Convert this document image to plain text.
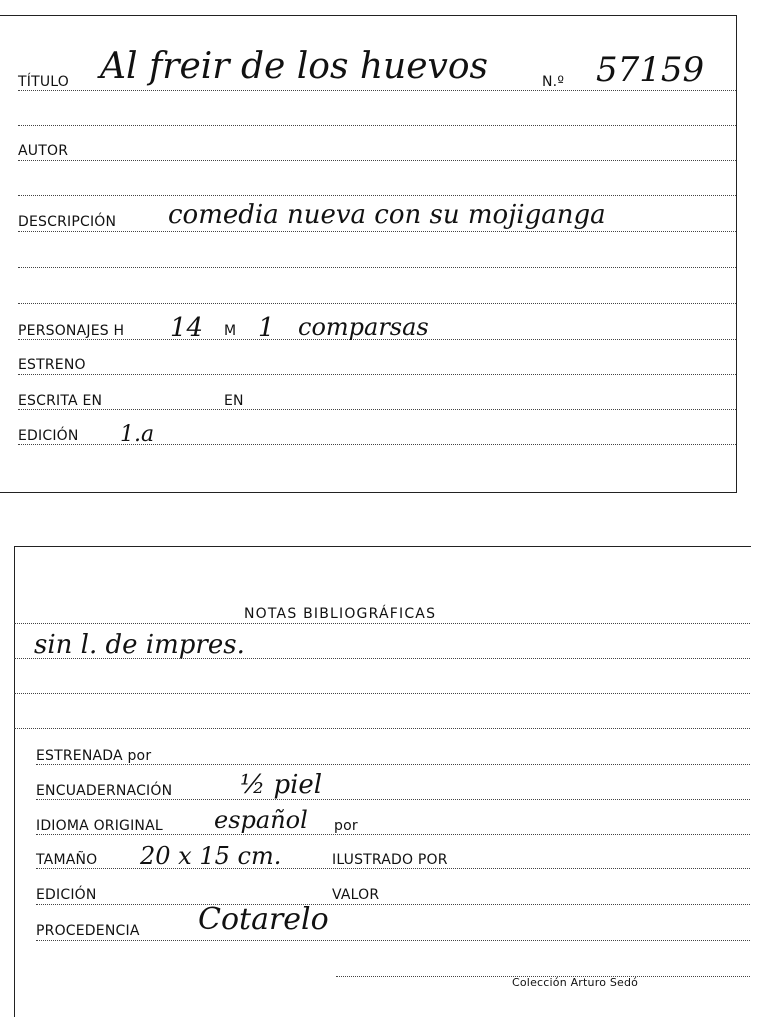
TÍTULO Al freir de los huevos	N.º 57159
AUTOR
DESCRIPCIÓN comedia nueva con su mojiganga
PERSONAJES H 14 M 1 comparsas
ESTRENO
ESCRITA EN	EN
EDICIÓN 1.a
NOTAS BIBLIOGRÁFICAS
sin l. de impres.
ESTRENADA por
ENCUADERNACIÓN	½ piel
IDIOMA ORIGINAL español por
TAMAÑO 20 x 15 cm.	ILUSTRADO POR
EDICIÓN	VALOR
PROCEDENCIA Cotarelo
Colección Arturo Sedó
